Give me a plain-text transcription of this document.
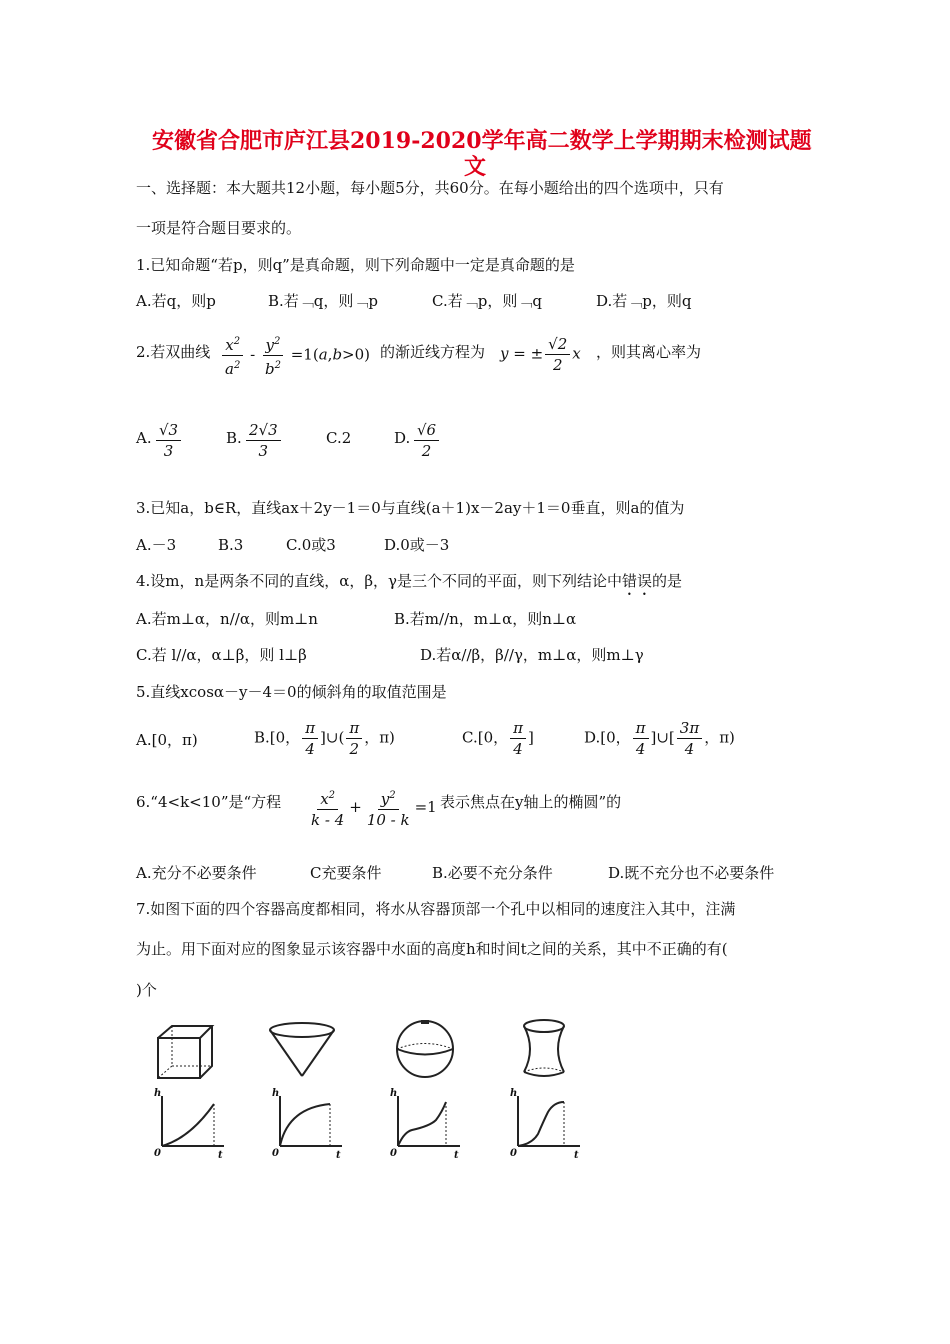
安徽省合肥市庐江县2019-2020学年高二数学上学期期末检测试题
文
一、选择题：本大题共12小题，每小题5分，共60分。在每小题给出的四个选项中，只有
一项是符合题目要求的。
1.已知命题“若p，则q”是真命题，则下列命题中一定是真命题的是
A.若q，则p	B.若﹁q，则﹁p	C.若﹁p，则﹁q	D.若﹁p，则q
2.若双曲线 $\frac{x^2}{a^2} - \frac{y^2}{b^2} =1(a,b>0)$ 的渐近线方程为 y = ± $\frac{√2}{2}$ x ，则其离心率为
A. $\frac{√3}{3}$	B. $\frac{2√3}{3}$	C.2	D. $\frac{√6}{2}$
3.已知a，b∈R，直线ax＋2y－1＝0与直线(a＋1)x－2ay＋1＝0垂直，则a的值为
A.－3	B.3	C.0或3	D.0或－3
4.设m，n是两条不同的直线，α，β，γ是三个不同的平面，则下列结论中错误的是
A.若m⊥α，n//α，则m⊥n	B.若m//n，m⊥α，则n⊥α
C.若 l//α，α⊥β，则 l⊥β	D.若α//β，β//γ，m⊥α，则m⊥γ
5.直线xcosα－y－4＝0的倾斜角的取值范围是
A.[0，π)	B.[0， $\frac{\pi}{4}$ ]∪( $\frac{\pi}{2}$ ，π)	C.[0， $\frac{\pi}{4}$ ]	D.[0， $\frac{\pi}{4}$ ]∪[ $\frac{3\pi}{4}$ ，π)
6.“4<k<10”是“方程 $\frac{x^2}{k - 4} + \frac{y^2}{10 - k} =1$ 表示焦点在y轴上的椭圆”的
A.充分不必要条件	C充要条件	B.必要不充分条件	D.既不充分也不必要条件
7.如图下面的四个容器高度都相同，将水从容器顶部一个孔中以相同的速度注入其中，注满
为止。用下面对应的图象显示该容器中水面的高度h和时间t之间的关系，其中不正确的有(
)个
h
0	t
h
0	t
h
0	t
h
0	t
